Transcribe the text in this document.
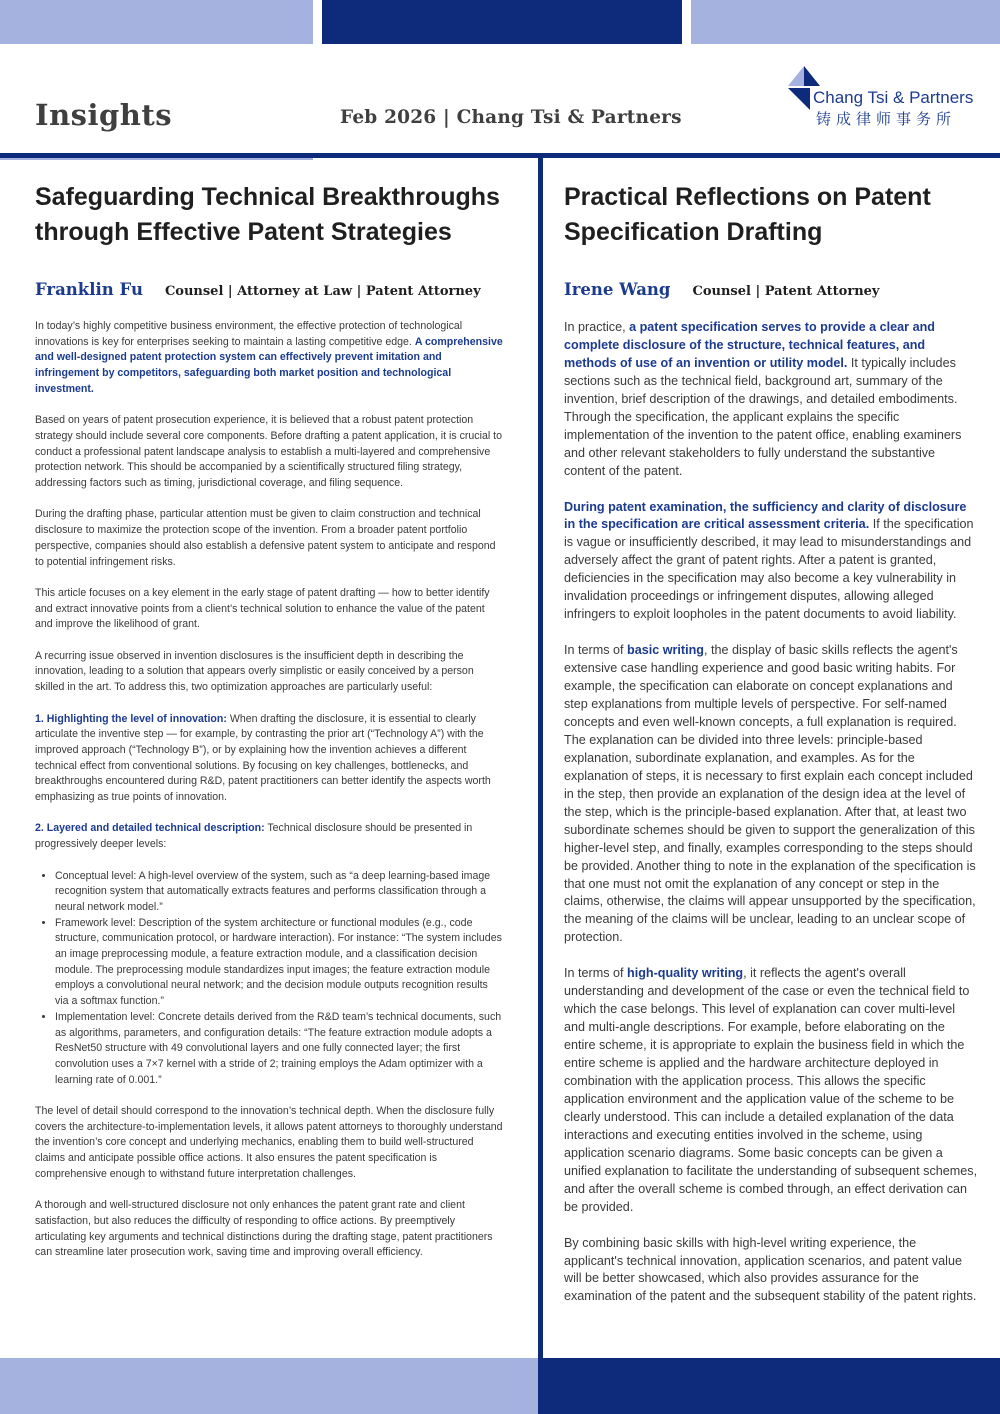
Insights	Feb 2026 | Chang Tsi & Partners
Chang Tsi & Partners
铸成律师事务所
Safeguarding Technical Breakthroughs through Effective Patent Strategies
Franklin Fu Counsel | Attorney at Law | Patent Attorney

In today’s highly competitive business environment, the effective protection of technological innovations is key for enterprises seeking to maintain a lasting competitive edge. A comprehensive and well-designed patent protection system can effectively prevent imitation and infringement by competitors, safeguarding both market position and technological investment.

Based on years of patent prosecution experience, it is believed that a robust patent protection strategy should include several core components. Before drafting a patent application, it is crucial to conduct a professional patent landscape analysis to establish a multi-layered and comprehensive protection network. This should be accompanied by a scientifically structured filing strategy, addressing factors such as timing, jurisdictional coverage, and filing sequence.

During the drafting phase, particular attention must be given to claim construction and technical disclosure to maximize the protection scope of the invention. From a broader patent portfolio perspective, companies should also establish a defensive patent system to anticipate and respond to potential infringement risks.

This article focuses on a key element in the early stage of patent drafting — how to better identify and extract innovative points from a client’s technical solution to enhance the value of the patent and improve the likelihood of grant.

A recurring issue observed in invention disclosures is the insufficient depth in describing the innovation, leading to a solution that appears overly simplistic or easily conceived by a person skilled in the art. To address this, two optimization approaches are particularly useful:

1. Highlighting the level of innovation: When drafting the disclosure, it is essential to clearly articulate the inventive step — for example, by contrasting the prior art (“Technology A”) with the improved approach (“Technology B”), or by explaining how the invention achieves a different technical effect from conventional solutions. By focusing on key challenges, bottlenecks, and breakthroughs encountered during R&D, patent practitioners can better identify the aspects worth emphasizing as true points of innovation.

2. Layered and detailed technical description: Technical disclosure should be presented in progressively deeper levels:

• Conceptual level: A high-level overview of the system, such as “a deep learning-based image recognition system that automatically extracts features and performs classification through a neural network model.”
• Framework level: Description of the system architecture or functional modules (e.g., code structure, communication protocol, or hardware interaction). For instance: “The system includes an image preprocessing module, a feature extraction module, and a classification decision module. The preprocessing module standardizes input images; the feature extraction module employs a convolutional neural network; and the decision module outputs recognition results via a softmax function.”
• Implementation level: Concrete details derived from the R&D team’s technical documents, such as algorithms, parameters, and configuration details: “The feature extraction module adopts a ResNet50 structure with 49 convolutional layers and one fully connected layer; the first convolution uses a 7×7 kernel with a stride of 2; training employs the Adam optimizer with a learning rate of 0.001.”

The level of detail should correspond to the innovation’s technical depth. When the disclosure fully covers the architecture-to-implementation levels, it allows patent attorneys to thoroughly understand the invention’s core concept and underlying mechanics, enabling them to build well-structured claims and anticipate possible office actions. It also ensures the patent specification is comprehensive enough to withstand future interpretation challenges.

A thorough and well-structured disclosure not only enhances the patent grant rate and client satisfaction, but also reduces the difficulty of responding to office actions. By preemptively articulating key arguments and technical distinctions during the drafting stage, patent practitioners can streamline later prosecution work, saving time and improving overall efficiency.

Practical Reflections on Patent Specification Drafting
Irene Wang Counsel | Patent Attorney

In practice, a patent specification serves to provide a clear and complete disclosure of the structure, technical features, and methods of use of an invention or utility model. It typically includes sections such as the technical field, background art, summary of the invention, brief description of the drawings, and detailed embodiments. Through the specification, the applicant explains the specific implementation of the invention to the patent office, enabling examiners and other relevant stakeholders to fully understand the substantive content of the patent.

During patent examination, the sufficiency and clarity of disclosure in the specification are critical assessment criteria. If the specification is vague or insufficiently described, it may lead to misunderstandings and adversely affect the grant of patent rights. After a patent is granted, deficiencies in the specification may also become a key vulnerability in invalidation proceedings or infringement disputes, allowing alleged infringers to exploit loopholes in the patent documents to avoid liability.

In terms of basic writing, the display of basic skills reflects the agent's extensive case handling experience and good basic writing habits. For example, the specification can elaborate on concept explanations and step explanations from multiple levels of perspective. For self-named concepts and even well-known concepts, a full explanation is required. The explanation can be divided into three levels: principle-based explanation, subordinate explanation, and examples. As for the explanation of steps, it is necessary to first explain each concept included in the step, then provide an explanation of the design idea at the level of the step, which is the principle-based explanation. After that, at least two subordinate schemes should be given to support the generalization of this higher-level step, and finally, examples corresponding to the steps should be provided. Another thing to note in the explanation of the specification is that one must not omit the explanation of any concept or step in the claims, otherwise, the claims will appear unsupported by the specification, the meaning of the claims will be unclear, leading to an unclear scope of protection.

In terms of high-quality writing, it reflects the agent's overall understanding and development of the case or even the technical field to which the case belongs. This level of explanation can cover multi-level and multi-angle descriptions. For example, before elaborating on the entire scheme, it is appropriate to explain the business field in which the entire scheme is applied and the hardware architecture deployed in combination with the application process. This allows the specific application environment and the application value of the scheme to be clearly understood. This can include a detailed explanation of the data interactions and executing entities involved in the scheme, using application scenario diagrams. Some basic concepts can be given a unified explanation to facilitate the understanding of subsequent schemes, and after the overall scheme is combed through, an effect derivation can be provided.

By combining basic skills with high-level writing experience, the applicant's technical innovation, application scenarios, and patent value will be better showcased, which also provides assurance for the examination of the patent and the subsequent stability of the patent rights.
